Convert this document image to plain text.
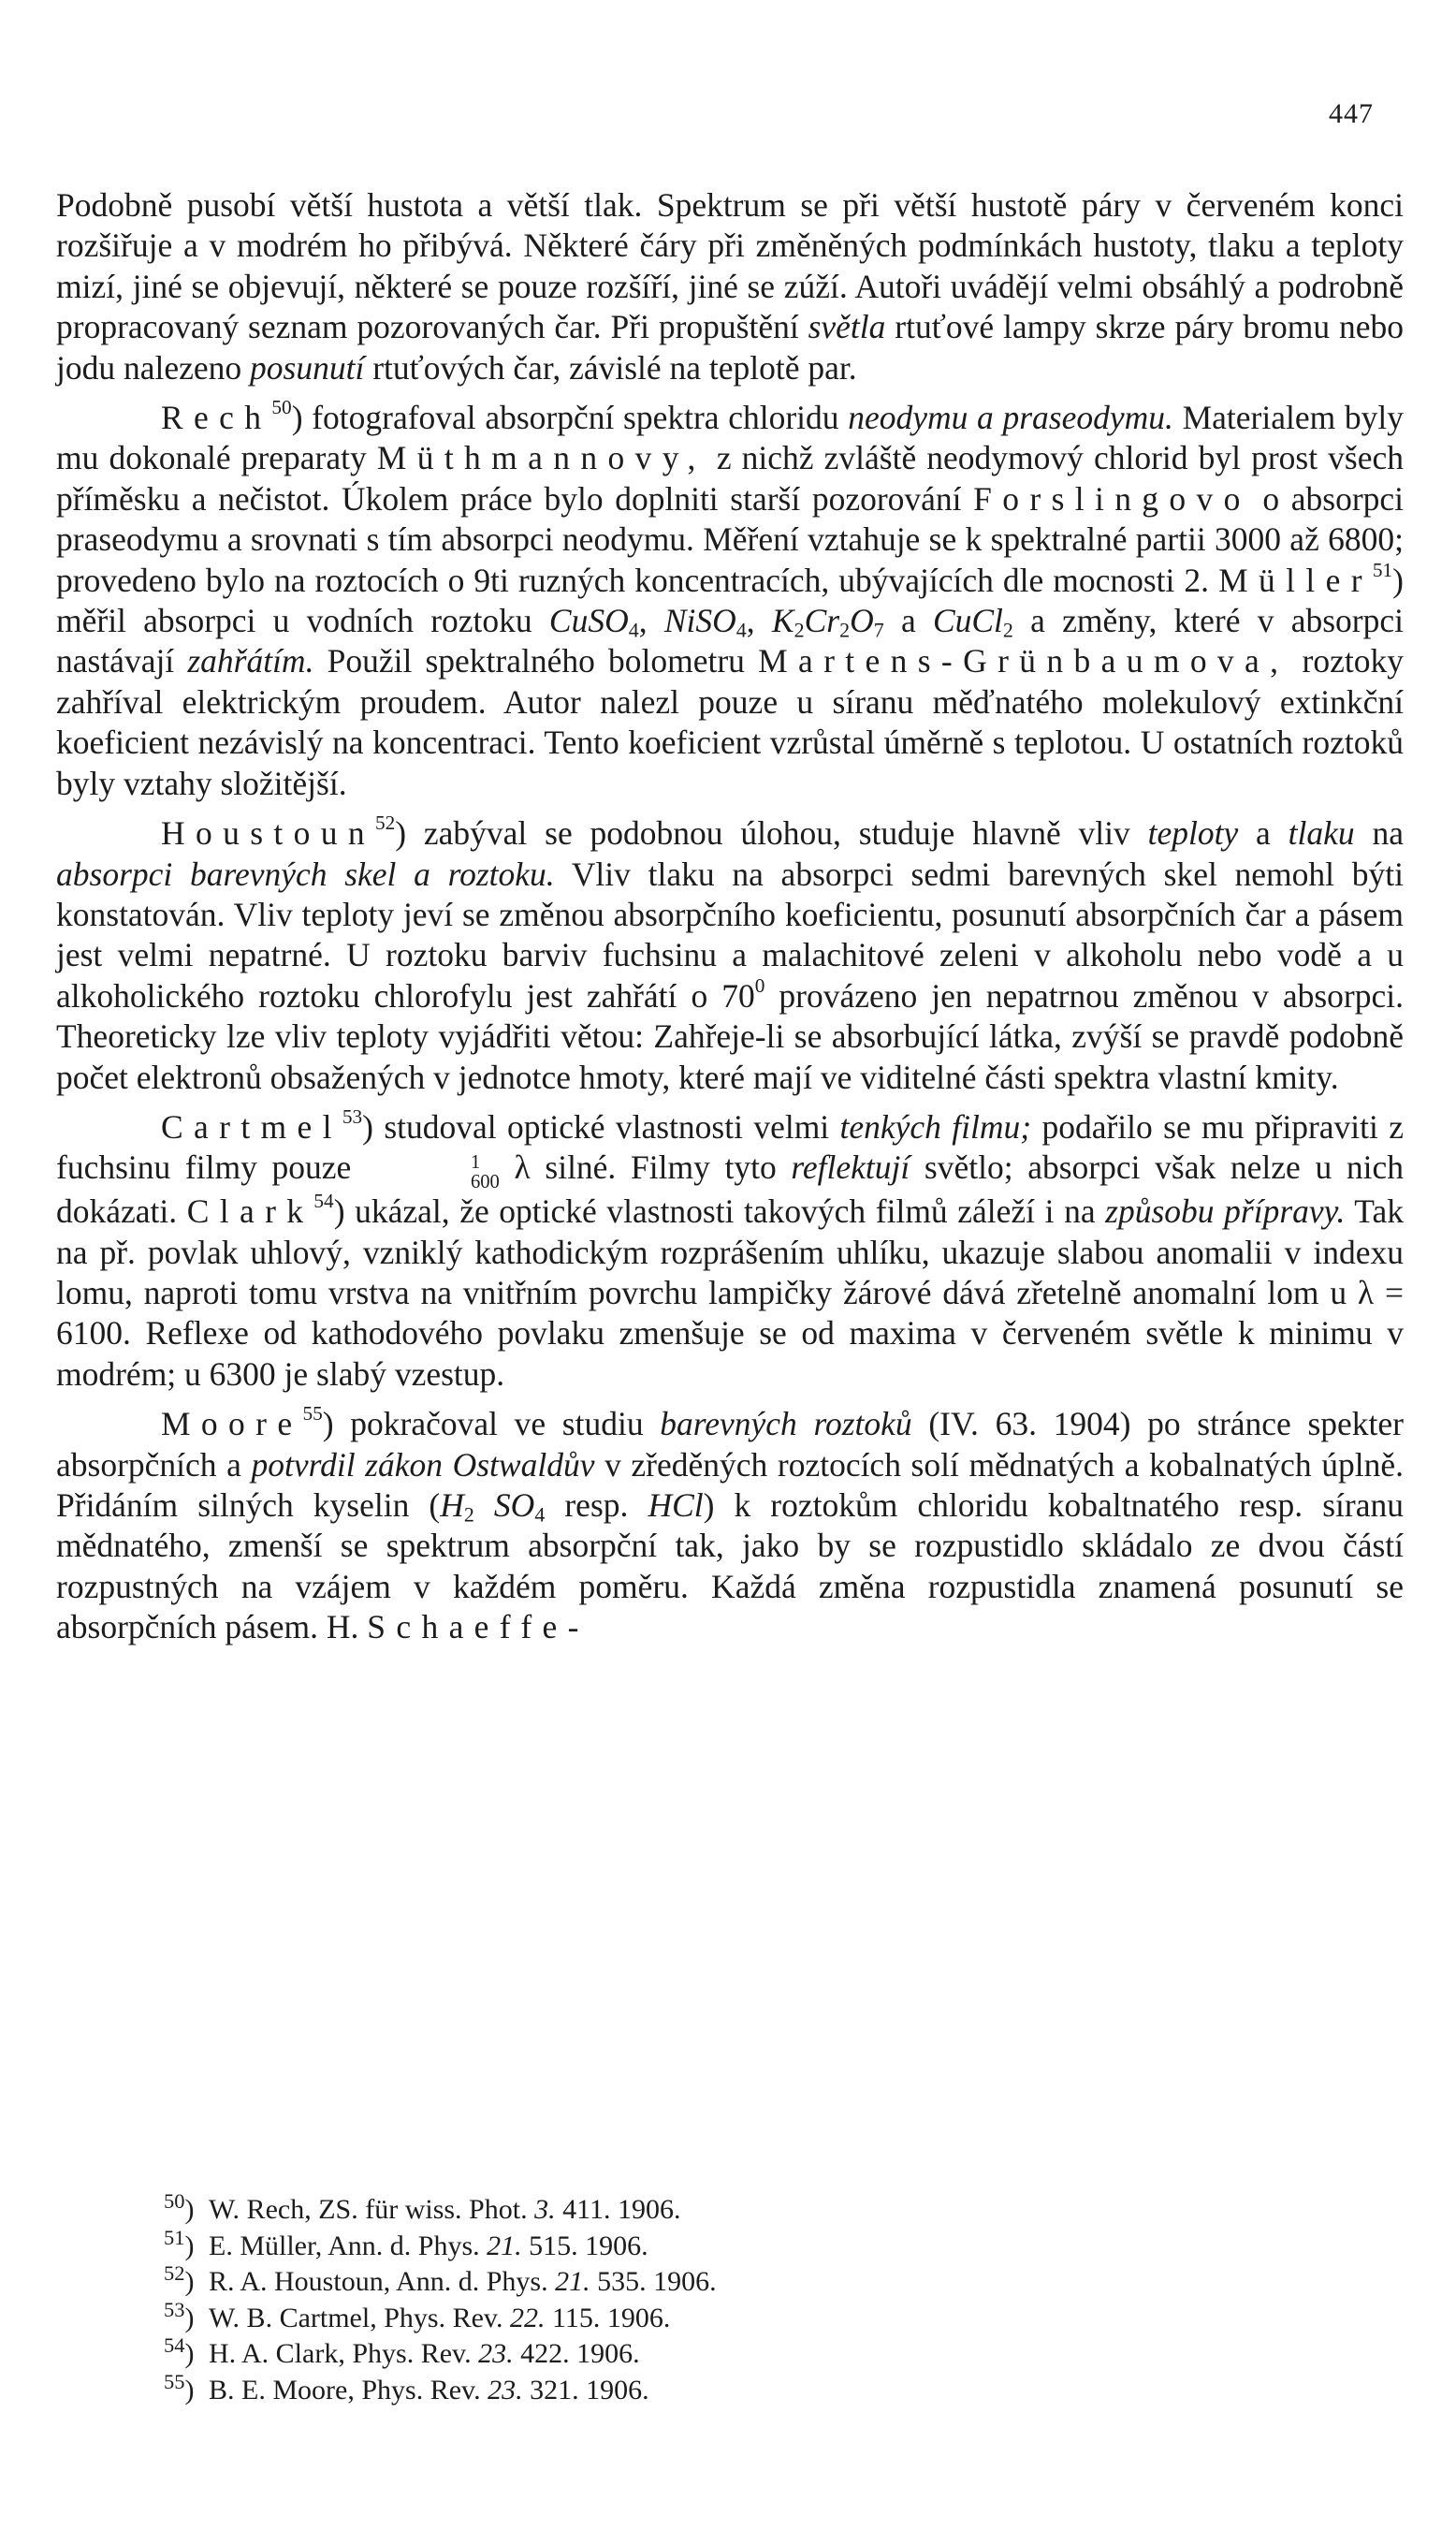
447

Podobně pusobí větší hustota a větší tlak. Spektrum se při větší hustotě páry v červeném konci rozšiřuje a v modrém ho přibývá. Některé čáry při změněných podmínkách hustoty, tlaku a teploty mizí, jiné se objevují, některé se pouze rozšíří, jiné se zúží. Autoři uvádějí velmi obsáhlý a podrobně propracovaný seznam pozorovaných čar. Při propuštění světla rtuťové lampy skrze páry bromu nebo jodu nalezeno posunutí rtuťových čar, závislé na teplotě par.

Rech$^{50}$) fotografoval absorpční spektra chloridu neodymu a praseodymu. Materialem byly mu dokonalé preparaty Müthmannovy, z nichž zvláště neodymový chlorid byl prost všech příměsku a nečistot. Úkolem práce bylo doplniti starší pozorování Forslingovo o absorpci praseodymu a srovnati s tím absorpci neodymu. Měření vztahuje se k spektralné partii 3000 až 6800; provedeno bylo na roztocích o 9ti ruzných koncentracích, ubývajících dle mocnosti 2. Müller$^{51}$) měřil absorpci u vodních roztoku CuSO$_4$, NiSO$_4$, $K_2Cr_2O_7$ a CuCl$_2$ a změny, které v absorpci nastávají zahřátím. Použil spektralného bolometru Martens-Grünbaumova, roztoky zahříval elektrickým proudem. Autor nalezl pouze u síranu měďnatého molekulový extinkční koeficient nezávislý na koncentraci. Tento koeficient vzrůstal úměrně s teplotou. U ostatních roztoků byly vztahy složitější.

Houstoun$^{52}$) zabýval se podobnou úlohou, studuje hlavně vliv teploty a tlaku na absorpci barevných skel a roztoku. Vliv tlaku na absorpci sedmi barevných skel nemohl býti konstatován. Vliv teploty jeví se změnou absorpčního koeficientu, posunutí absorpčních čar a pásem jest velmi nepatrné. U roztoku barviv fuchsinu a malachitové zeleni v alkoholu nebo vodě a u alkoholického roztoku chlorofylu jest zahřátí o $70^0$ provázeno jen nepatrnou změnou v absorpci. Theoreticky lze vliv teploty vyjádřiti větou: Zahřeje-li se absorbující látka, zvýší se pravdě podobně počet elektronů obsažených v jednotce hmoty, které mají ve viditelné části spektra vlastní kmity.

Cartmel$^{53}$) studoval optické vlastnosti velmi tenkých filmu; podařilo se mu připraviti z fuchsinu filmy pouze	1
600 λ silné. Filmy tyto reflektují světlo; absorpci však nelze u nich dokázati. Clark$^{54}$) ukázal, že optické vlastnosti takových filmů záleží i na způsobu přípravy. Tak na př. povlak uhlový, vzniklý kathodickým rozprášením uhlíku, ukazuje slabou anomalii v indexu lomu, naproti tomu vrstva na vnitřním povrchu lampičky žárové dává zřetelně anomalní lom u λ = 6100. Reflexe od kathodového povlaku zmenšuje se od maxima v červeném světle k minimu v modrém; u 6300 je slabý vzestup.

Moore$^{55}$) pokračoval ve studiu barevných roztoků (IV. 63. 1904) po stránce spekter absorpčních a potvrdil zákon Ostwaldův v zředěných roztocích solí mědnatých a kobalnatých úplně. Přidáním silných kyselin ($H_2$ $SO_4$ resp. HCl) k roztokům chloridu kobaltnatého resp. síranu mědnatého, zmenší se spektrum absorpční tak, jako by se rozpustidlo skládalo ze dvou částí rozpustných na vzájem v každém poměru. Každá změna rozpustidla znamená posunutí se absorpčních pásem. H. Schaeffe-

$^{50}$) W. Rech, ZS. für wiss. Phot. 3. 411. 1906.
$^{51}$) E. Müller, Ann. d. Phys. 21. 515. 1906.
$^{52}$) R. A. Houstoun, Ann. d. Phys. 21. 535. 1906.
$^{53}$) W. B. Cartmel, Phys. Rev. 22. 115. 1906.
$^{54}$) H. A. Clark, Phys. Rev. 23. 422. 1906.
$^{55}$) B. E. Moore, Phys. Rev. 23. 321. 1906.
